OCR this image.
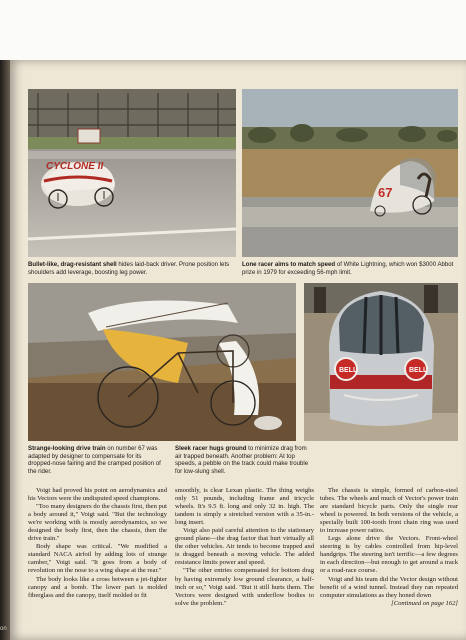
on
CYCLONE II
67
Bullet-like, drag-resistant shell hides laid-back driver. Prone position lets shoulders add leverage, boosting leg power.
Lone racer aims to match speed of White Lightning, which won $3000 Abbot prize in 1979 for exceeding 56-mph limit.
BELL	BELL
Strange-looking drive train on number 67 was adapted by designer to compensate for its dropped-nose fairing and the cramped position of the rider.
Sleek racer hugs ground to minimize drag from air trapped beneath. Another problem: At top speeds, a pebble on the track could make trouble for low-slung shell.

Voigt had proved his point on aerodynamics and his Vectors were the undisputed speed champions.

"Too many designers do the chassis first, then put a body around it," Voigt said. "But the technology we're working with is mostly aerodynamics, so we designed the body first, then the chassis, then the drive train."

Body shape was critical. "We modified a standard NACA airfoil by adding lots of strange camber," Voigt said. "It goes from a body of revolution on the nose to a wing shape at the rear."

The body looks like a cross between a jet-fighter canopy and a bomb. The lower part is molded fiberglass and the canopy, itself molded to fit

smoothly, is clear Lexan plastic. The thing weighs only 51 pounds, including frame and tricycle wheels. It's 9.5 ft. long and only 32 in. high. The tandem is simply a stretched version with a 35-in.-long insert.

Voigt also paid careful attention to the stationary ground plane—the drag factor that hurt virtually all the other vehicles. Air tends to become trapped and is dragged beneath a moving vehicle. The added resistance limits power and speed.

"The other entries compensated for bottom drag by having extremely low ground clearance, a half-inch or so," Voigt said. "But it still hurts them. The Vectors were designed with underflow bodies to solve the problem."

The chassis is simple, formed of carbon-steel tubes. The wheels and much of Vector's power train are standard bicycle parts. Only the single rear wheel is powered. In both versions of the vehicle, a specially built 100-tooth front chain ring was used to increase power ratios.

Legs alone drive the Vectors. Front-wheel steering is by cables controlled from hip-level handgrips. The steering isn't terrific—a few degrees in each direction—but enough to get around a track or a road-race course.

Voigt and his team did the Vector design without benefit of a wind tunnel. Instead they ran repeated computer simulations as they honed down

[Continued on page 162]
